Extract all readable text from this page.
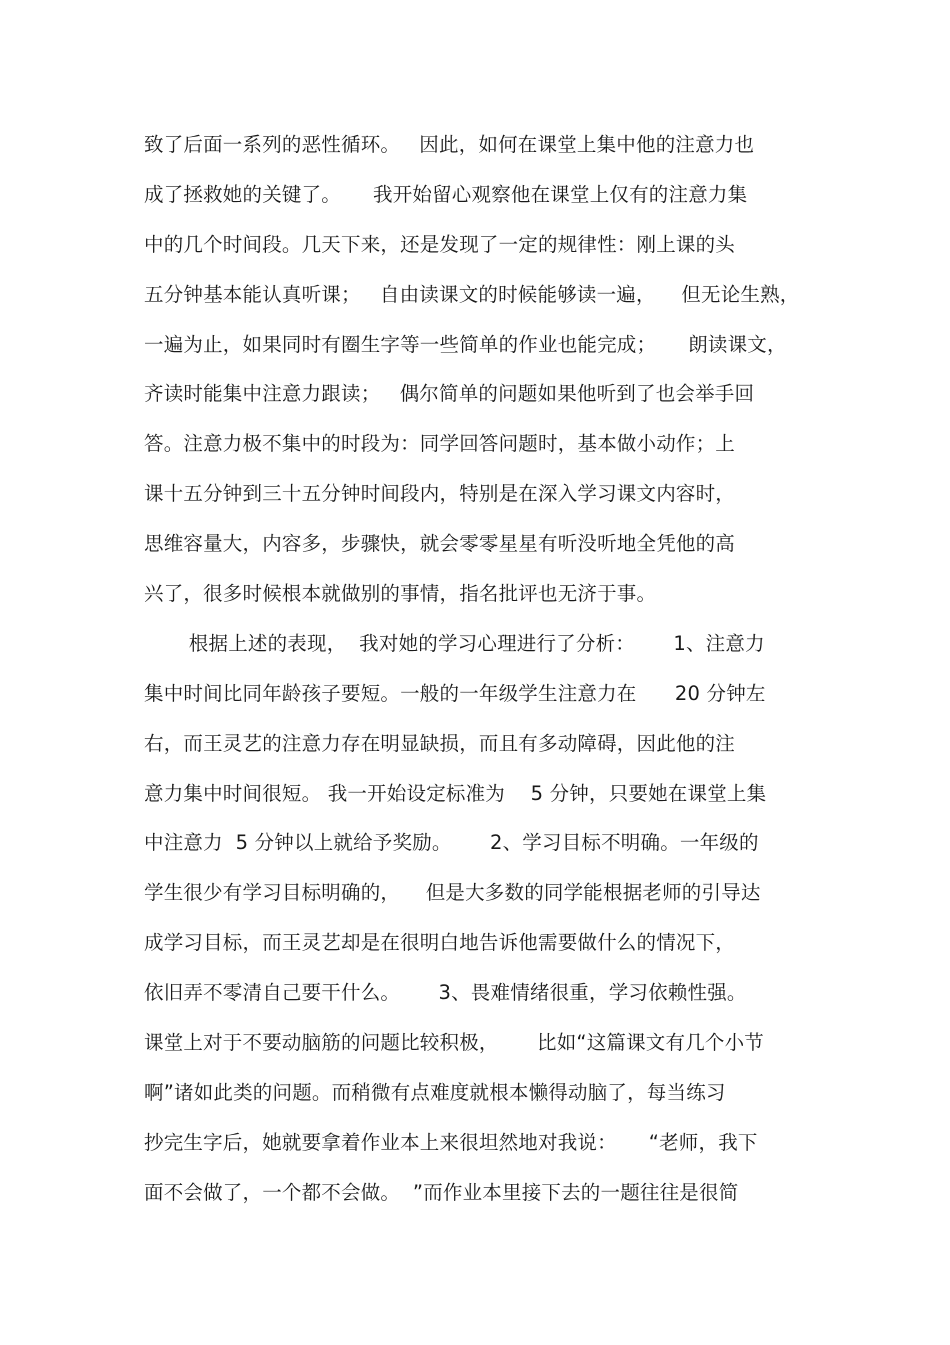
致了后面一系列的恶性循环。   因此，如何在课堂上集中他的注意力也
成了拯救她的关键了。     我开始留心观察他在课堂上仅有的注意力集
中的几个时间段。几天下来，还是发现了一定的规律性：刚上课的头
五分钟基本能认真听课；   自由读课文的时候能够读一遍，    但无论生熟，
一遍为止，如果同时有圈生字等一些简单的作业也能完成；     朗读课文，
齐读时能集中注意力跟读；   偶尔简单的问题如果他听到了也会举手回
答。注意力极不集中的时段为：同学回答问题时，基本做小动作；上
课十五分钟到三十五分钟时间段内，特别是在深入学习课文内容时，
思维容量大，内容多，步骤快，就会零零星星有听没听地全凭他的高
兴了，很多时候根本就做别的事情，指名批评也无济于事。
根据上述的表现，  我对她的学习心理进行了分析：      1、注意力
集中时间比同年龄孩子要短。一般的一年级学生注意力在      20 分钟左
右，而王灵艺的注意力存在明显缺损，而且有多动障碍，因此他的注
意力集中时间很短。 我一开始设定标准为    5 分钟，只要她在课堂上集
中注意力  5 分钟以上就给予奖励。      2、学习目标不明确。一年级的
学生很少有学习目标明确的，    但是大多数的同学能根据老师的引导达
成学习目标，而王灵艺却是在很明白地告诉他需要做什么的情况下，
依旧弄不零清自己要干什么。      3、畏难情绪很重，学习依赖性强。
课堂上对于不要动脑筋的问题比较积极，      比如“这篇课文有几个小节
啊”诸如此类的问题。而稍微有点难度就根本懒得动脑了，每当练习
抄完生字后，她就要拿着作业本上来很坦然地对我说：     “老师，我下
面不会做了，一个都不会做。  ”而作业本里接下去的一题往往是很简
